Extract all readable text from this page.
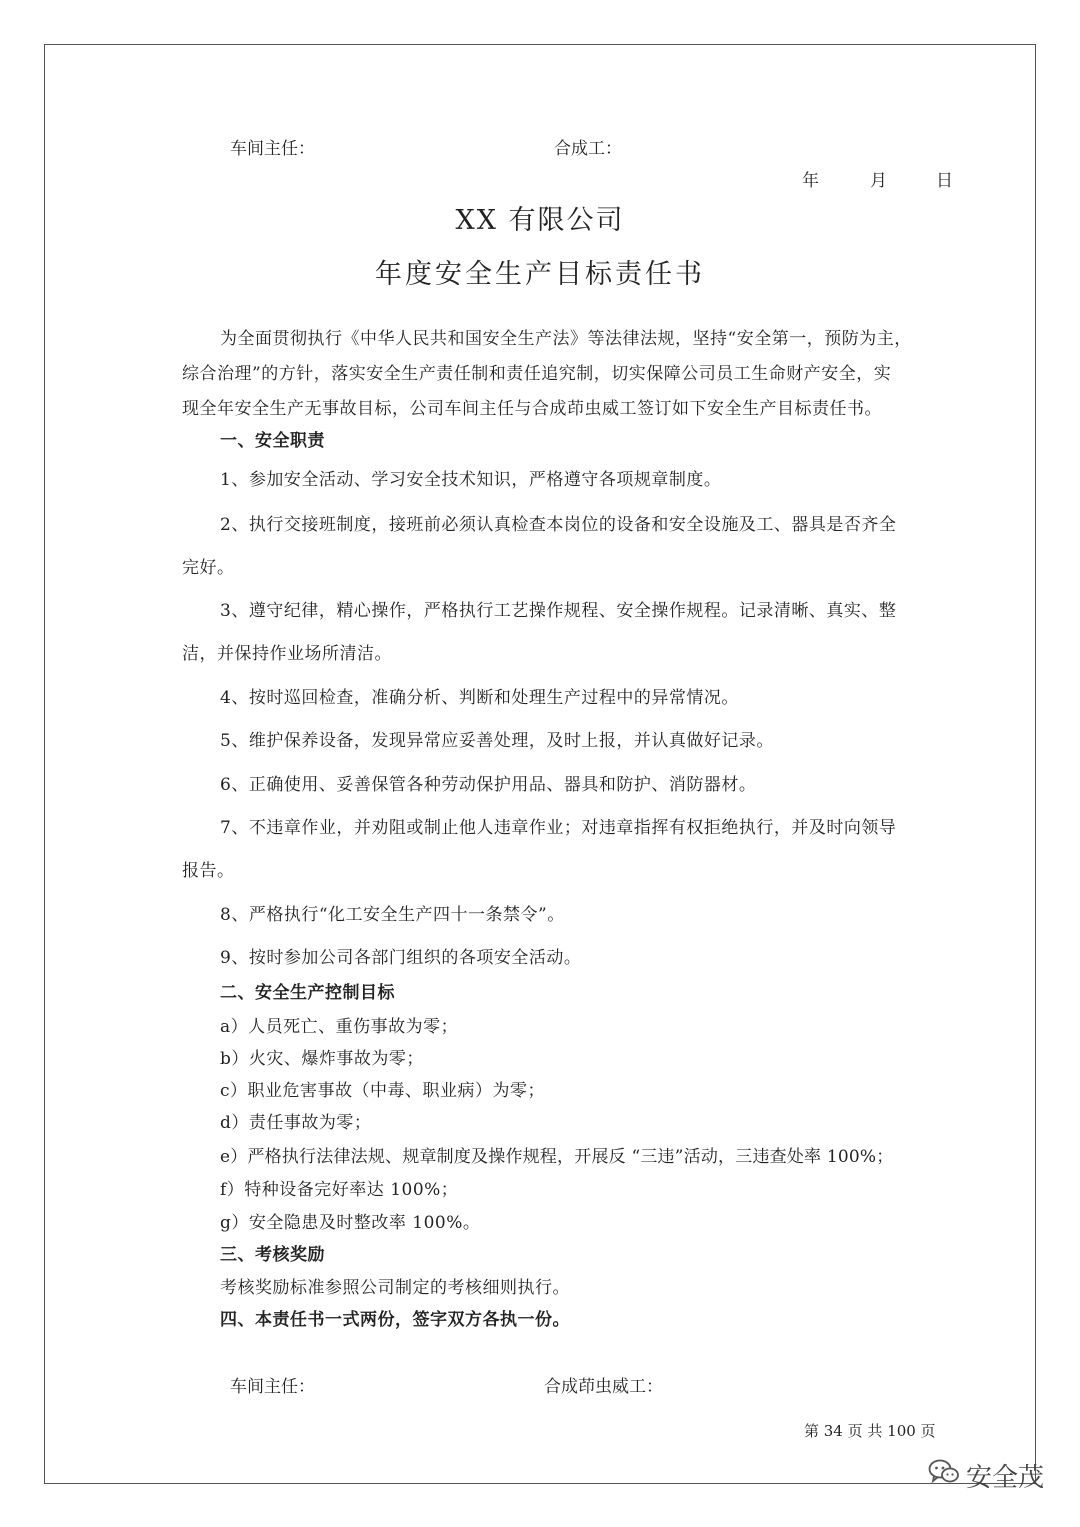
车间主任：	合成工：
年	月	日
XX 有限公司
年度安全生产目标责任书
为全面贯彻执行《中华人民共和国安全生产法》等法律法规，坚持“安全第一，预防为主，
综合治理”的方针，落实安全生产责任制和责任追究制，切实保障公司员工生命财产安全，实
现全年安全生产无事故目标，公司车间主任与合成茚虫威工签订如下安全生产目标责任书。
一、安全职责
1、参加安全活动、学习安全技术知识，严格遵守各项规章制度。
2、执行交接班制度，接班前必须认真检查本岗位的设备和安全设施及工、器具是否齐全
完好。
3、遵守纪律，精心操作，严格执行工艺操作规程、安全操作规程。记录清晰、真实、整
洁，并保持作业场所清洁。
4、按时巡回检查，准确分析、判断和处理生产过程中的异常情况。
5、维护保养设备，发现异常应妥善处理，及时上报，并认真做好记录。
6、正确使用、妥善保管各种劳动保护用品、器具和防护、消防器材。
7、不违章作业，并劝阻或制止他人违章作业；对违章指挥有权拒绝执行，并及时向领导
报告。
8、严格执行“化工安全生产四十一条禁令”。
9、按时参加公司各部门组织的各项安全活动。
二、安全生产控制目标
a）人员死亡、重伤事故为零；
b）火灾、爆炸事故为零；
c）职业危害事故（中毒、职业病）为零；
d）责任事故为零；
e）严格执行法律法规、规章制度及操作规程，开展反 “三违”活动，三违查处率 100%；
f）特种设备完好率达 100%；
g）安全隐患及时整改率 100%。
三、考核奖励
考核奖励标准参照公司制定的考核细则执行。
四、本责任书一式两份，签字双方各执一份。
车间主任：	合成茚虫威工：
第 34 页 共 100 页
安全茂
